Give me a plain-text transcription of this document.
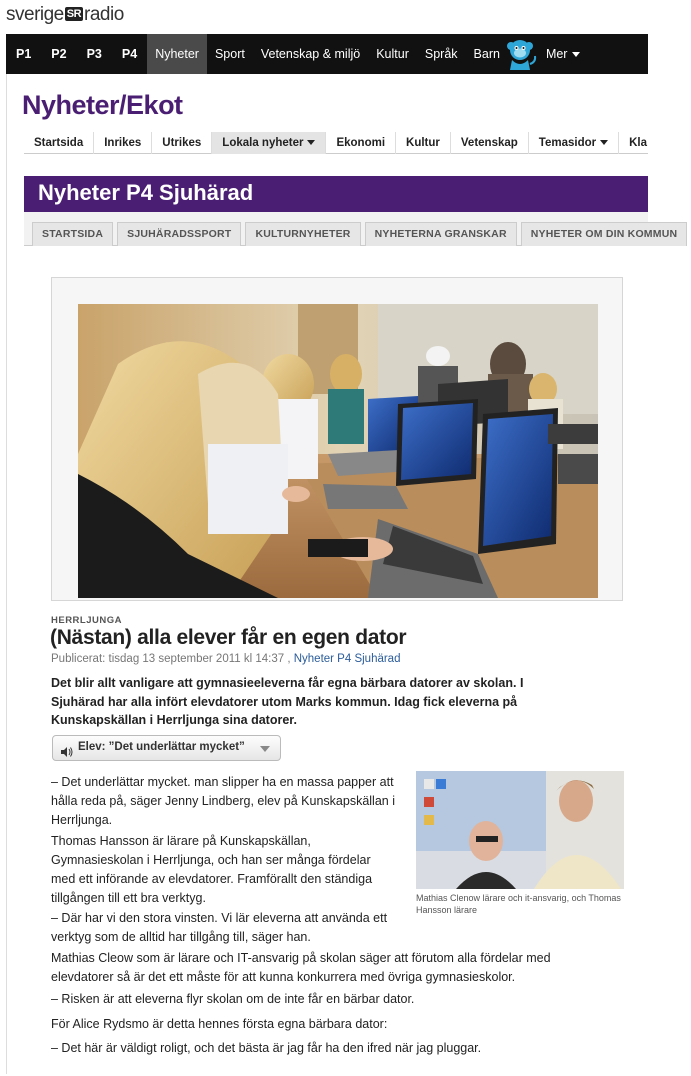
sverige SR radio
P1	P2	P3	P4	Nyheter	Sport	Vetenskap & miljö	Kultur	Språk	Barn	Mer
Nyheter/Ekot
Startsida	Inrikes	Utrikes	Lokala nyheter	Ekonomi	Kultur	Vetenskap	Temasidor	Kla
Nyheter P4 Sjuhärad
STARTSIDA	SJUHÄRADSSPORT	KULTURNYHETER	NYHETERNA GRANSKAR	NYHETER OM DIN KOMMUN
HERRLJUNGA
(Nästan) alla elever får en egen dator
Publicerat: tisdag 13 september 2011 kl 14:37 , Nyheter P4 Sjuhärad
Det blir allt vanligare att gymnasieeleverna får egna bärbara datorer av skolan. I Sjuhärad har alla infört elevdatorer utom Marks kommun. Idag fick eleverna på Kunskapskällan i Herrljunga sina datorer.
Elev: ”Det underlättar mycket”
Mathias Clenow lärare och it-ansvarig, och Thomas Hansson lärare
– Det underlättar mycket. man slipper ha en massa papper att hålla reda på, säger Jenny Lindberg, elev på Kunskapskällan i Herrljunga.
Thomas Hansson är lärare på Kunskapskällan, Gymnasieskolan i Herrljunga, och han ser många fördelar med ett införande av elevdatorer. Framförallt den ständiga tillgången till ett bra verktyg.
– Där har vi den stora vinsten. Vi lär eleverna att använda ett verktyg som de alltid har tillgång till, säger han.
Mathias Cleow som är lärare och IT-ansvarig på skolan säger att förutom alla fördelar med elevdatorer så är det ett måste för att kunna konkurrera med övriga gymnasieskolor.
– Risken är att eleverna flyr skolan om de inte får en bärbar dator.
För Alice Rydsmo är detta hennes första egna bärbara dator:
– Det här är väldigt roligt, och det bästa är jag får ha den ifred när jag pluggar.
